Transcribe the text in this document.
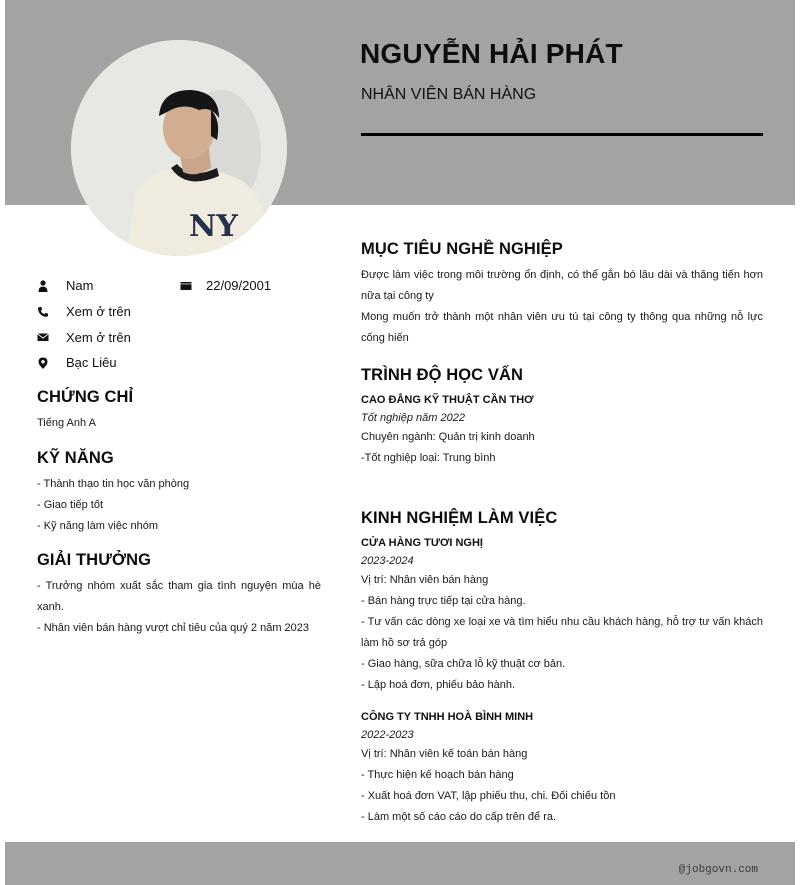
NY
NGUYỄN HẢI PHÁT
NHÂN VIÊN BÁN HÀNG
Nam	22/09/2001
Xem ở trên
Xem ở trên
Bạc Liêu
CHỨNG CHỈ
Tiếng Anh A
KỸ NĂNG
- Thành thạo tin học văn phòng
- Giao tiếp tốt
- Kỹ năng làm việc nhóm
GIẢI THƯỞNG
- Trưởng nhóm xuất sắc tham gia tình nguyện mùa hè xanh.
- Nhân viên bán hàng vượt chỉ tiêu của quý 2 năm 2023
MỤC TIÊU NGHỀ NGHIỆP
Được làm việc trong môi trường ổn định, có thể gắn bó lâu dài và thăng tiến hơn nữa tại công ty
Mong muốn trở thành một nhân viên ưu tú tại công ty thông qua những nỗ lực cống hiến
TRÌNH ĐỘ HỌC VẤN
CAO ĐẲNG KỸ THUẬT CẦN THƠ
Tốt nghiệp năm 2022
Chuyên ngành: Quản trị kinh doanh
-Tốt nghiệp loại: Trung bình
KINH NGHIỆM LÀM VIỆC
CỬA HÀNG TƯƠI NGHỊ
2023-2024
Vị trí: Nhân viên bán hàng
- Bán hàng trực tiếp tại cửa hàng.
- Tư vấn các dòng xe loại xe và tìm hiểu nhu cầu khách hàng, hỗ trợ tư vấn khách làm hồ sơ trả góp
- Giao hàng, sữa chữa lỗ kỹ thuật cơ bản.
- Lập hoá đơn, phiếu bảo hành.
CÔNG TY TNHH HOÀ BÌNH MINH
2022-2023
Vị trí: Nhân viên kế toán bán hàng
- Thực hiện kế hoạch bán hàng
- Xuất hoá đơn VAT, lập phiếu thu, chi. Đối chiếu tồn
- Làm một số cáo cáo do cấp trên để ra.
@jobgovn.com
